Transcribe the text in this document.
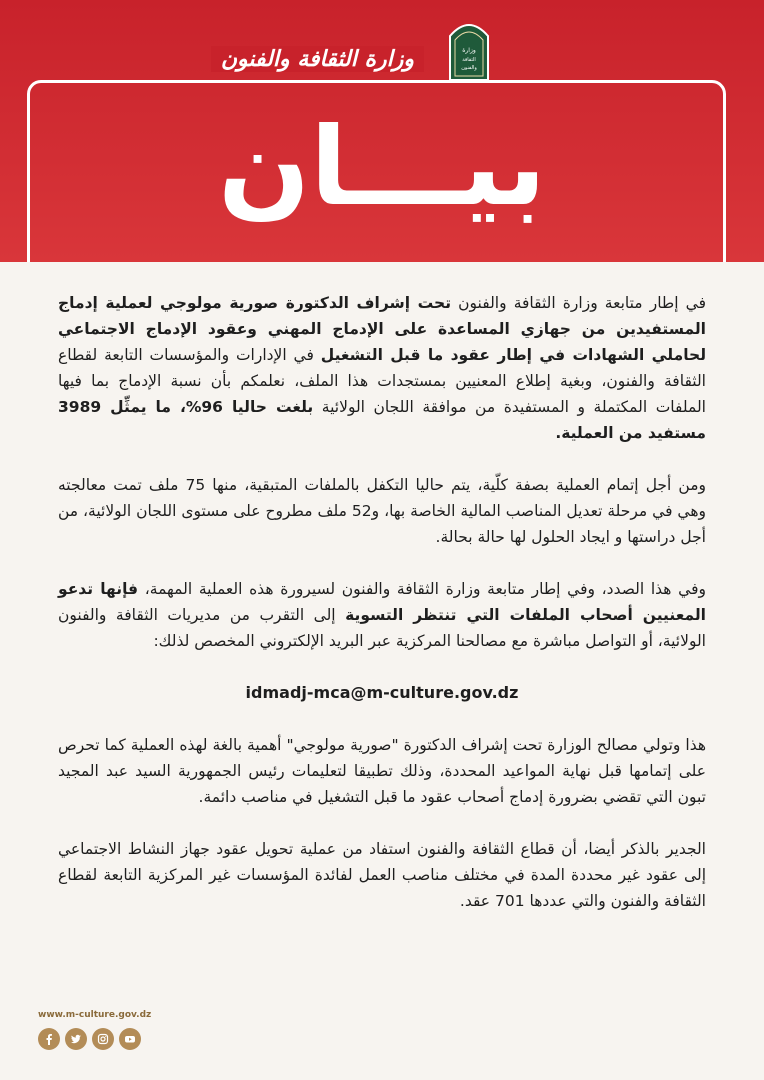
وزارة الثقافة والفنون	وزارة
الثقافة
والفنون
بيـــان

في إطار متابعة وزارة الثقافة والفنون تحت إشراف الدكتورة صورية مولوجي لعملية إدماج المستفيدين من جهازي المساعدة على الإدماج المهني وعقود الإدماج الاجتماعي لحاملي الشهادات في إطار عقود ما قبل التشغيل في الإدارات والمؤسسات التابعة لقطاع الثقافة والفنون، وبغية إطلاع المعنيين بمستجدات هذا الملف، نعلمكم بأن نسبة الإدماج بما فيها الملفات المكتملة و المستفيدة من موافقة اللجان الولائية بلغت حاليا 96%، ما يمثِّل 3989 مستفيد من العملية.

ومن أجل إتمام العملية بصفة كلّية، يتم حاليا التكفل بالملفات المتبقية، منها 75 ملف تمت معالجته وهي في مرحلة تعديل المناصب المالية الخاصة بها، و52 ملف مطروح على مستوى اللجان الولائية، من أجل دراستها و ايجاد الحلول لها حالة بحالة.

وفي هذا الصدد، وفي إطار متابعة وزارة الثقافة والفنون لسيرورة هذه العملية المهمة، فإنها تدعو المعنيين أصحاب الملفات التي تنتظر التسوية إلى التقرب من مديريات الثقافة والفنون الولائية، أو التواصل مباشرة مع مصالحنا المركزية عبر البريد الإلكتروني المخصص لذلك:

idmadj-mca@m-culture.gov.dz

هذا وتولي مصالح الوزارة تحت إشراف الدكتورة "صورية مولوجي" أهمية بالغة لهذه العملية كما تحرص على إتمامها قبل نهاية المواعيد المحددة، وذلك تطبيقا لتعليمات رئيس الجمهورية السيد عبد المجيد تبون التي تقضي بضرورة إدماج أصحاب عقود ما قبل التشغيل في مناصب دائمة.

الجدير بالذكر أيضا، أن قطاع الثقافة والفنون استفاد من عملية تحويل عقود جهاز النشاط الاجتماعي إلى عقود غير محددة المدة في مختلف مناصب العمل لفائدة المؤسسات غير المركزية التابعة لقطاع الثقافة والفنون والتي عددها 701 عقد.

www.m-culture.gov.dz
